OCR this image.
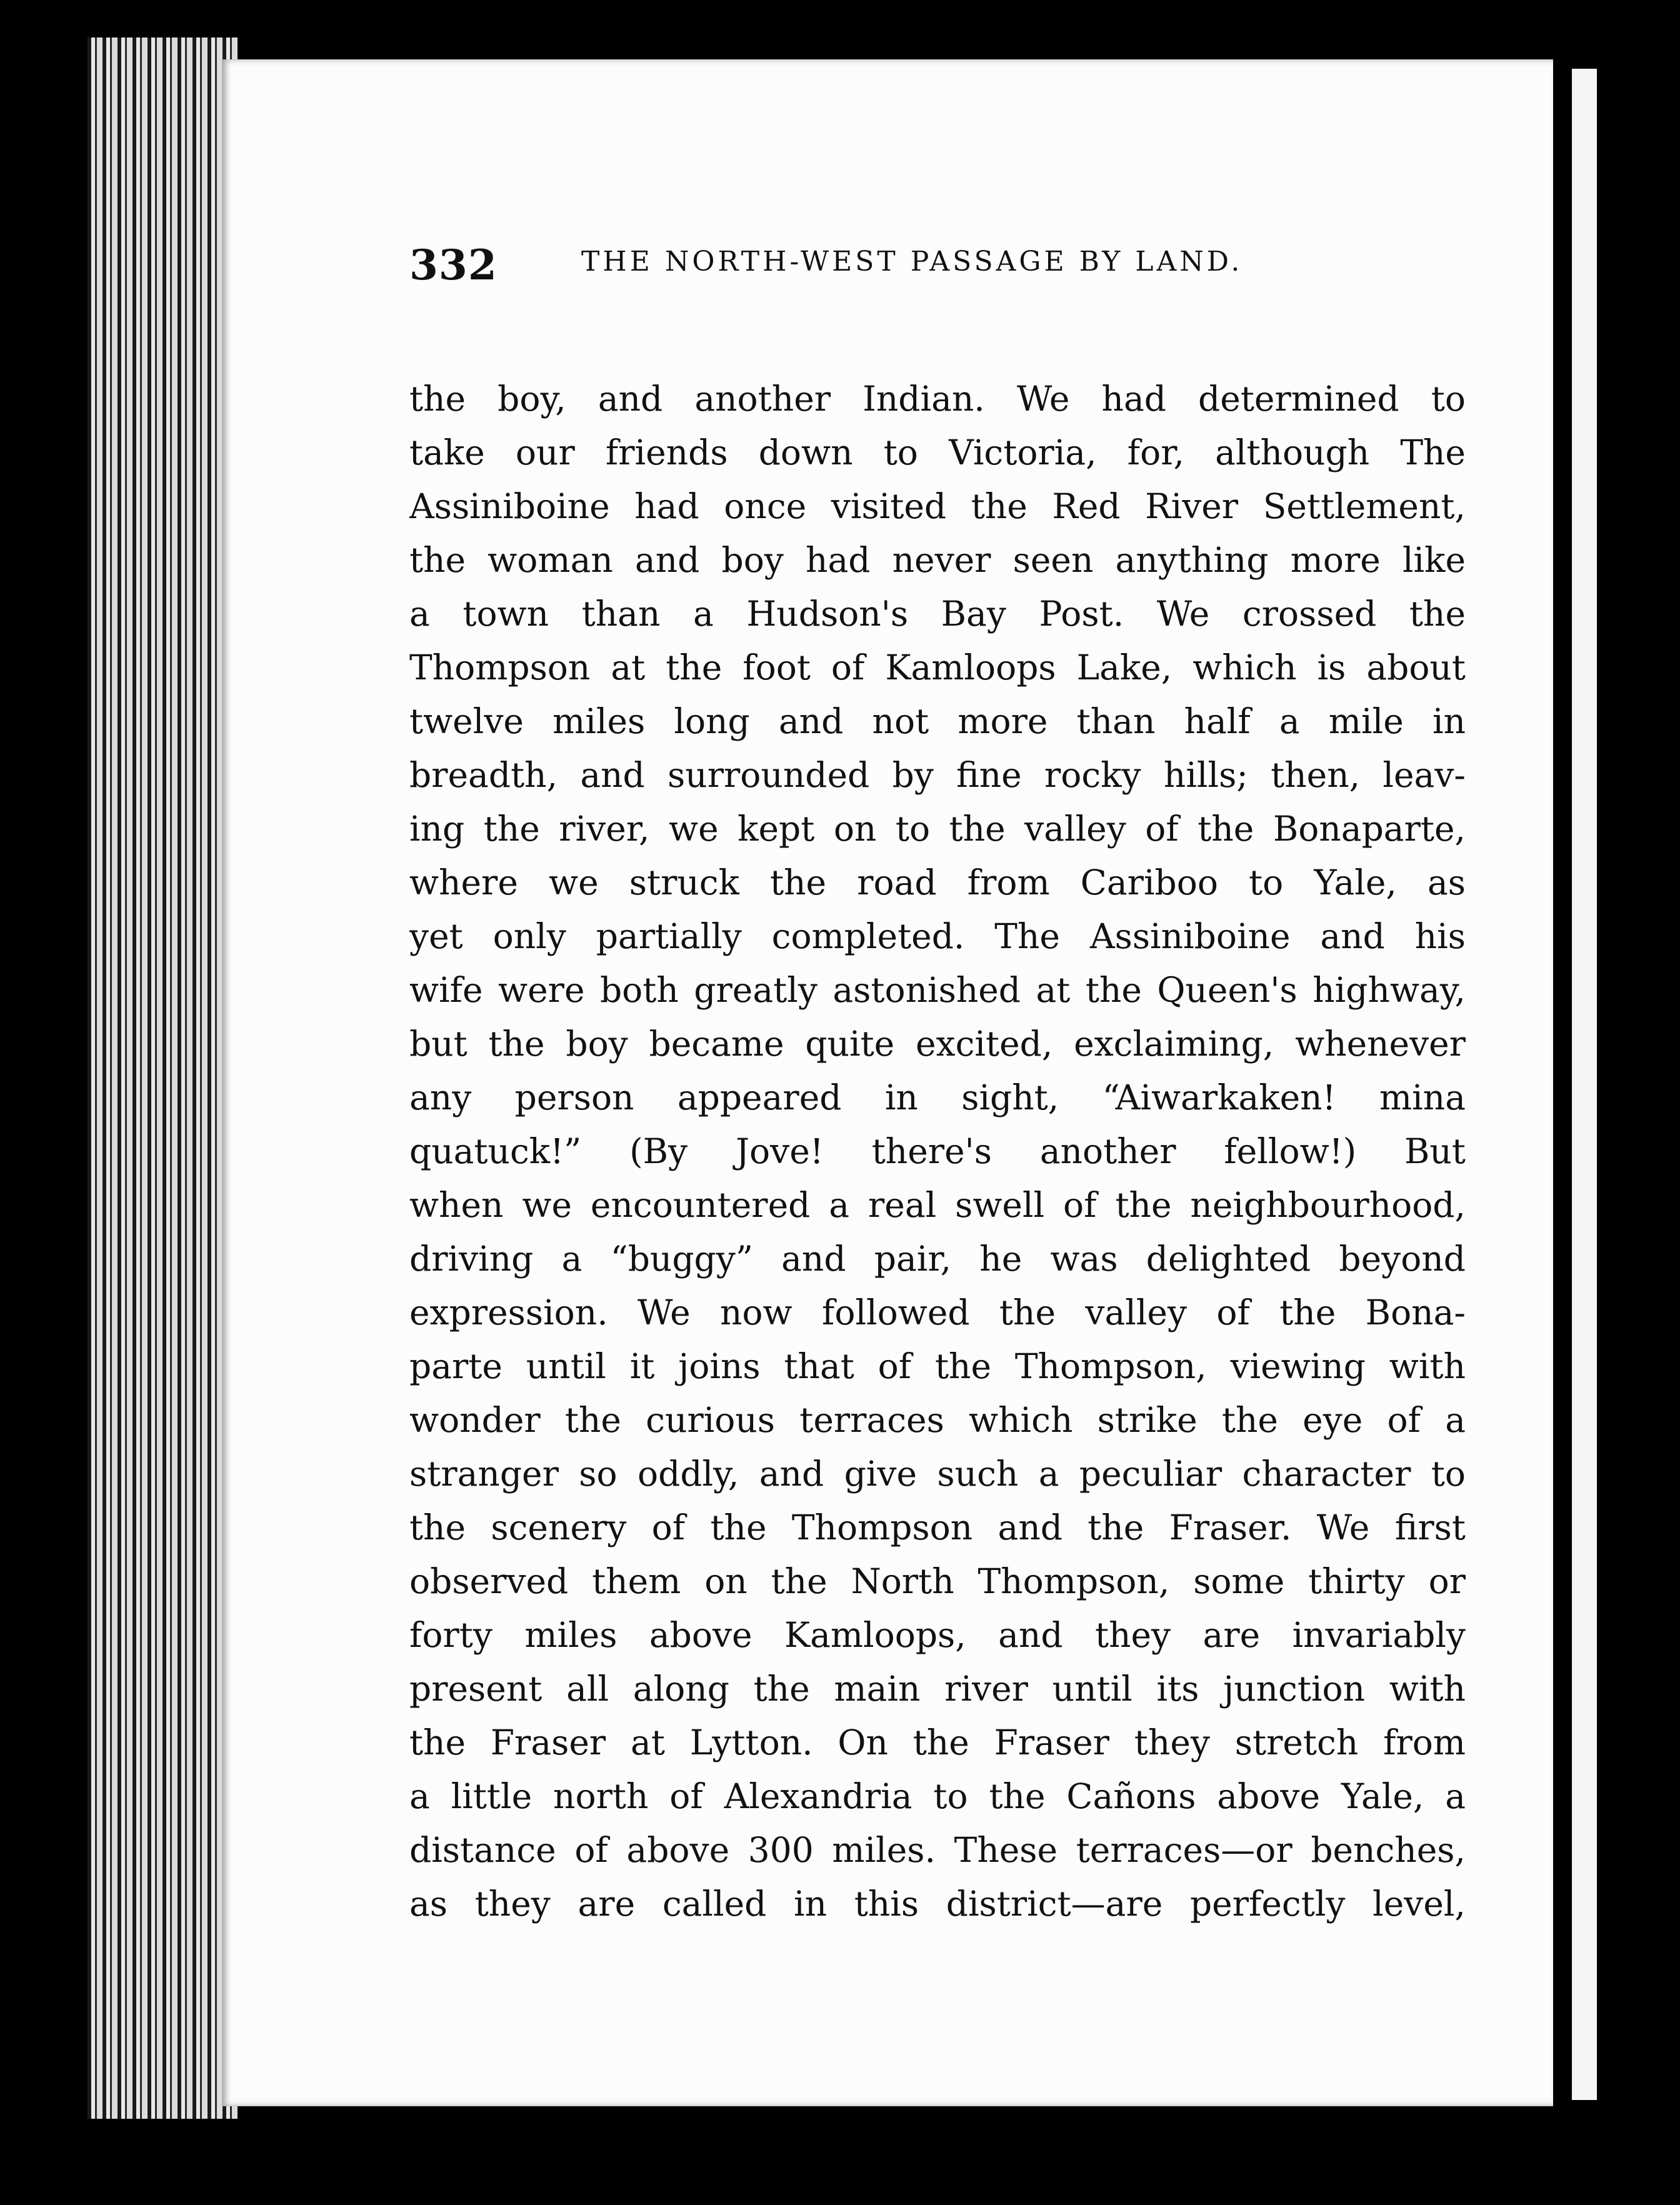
332	THE NORTH-WEST PASSAGE BY LAND.
the boy, and another Indian. We had determined to
take our friends down to Victoria, for, although The
Assiniboine had once visited the Red River Settlement,
the woman and boy had never seen anything more like
a town than a Hudson's Bay Post. We crossed the
Thompson at the foot of Kamloops Lake, which is about
twelve miles long and not more than half a mile in
breadth, and surrounded by fine rocky hills; then, leav-
ing the river, we kept on to the valley of the Bonaparte,
where we struck the road from Cariboo to Yale, as
yet only partially completed. The Assiniboine and his
wife were both greatly astonished at the Queen's highway,
but the boy became quite excited, exclaiming, whenever
any person appeared in sight, “Aiwarkaken! mina
quatuck!” (By Jove! there's another fellow!) But
when we encountered a real swell of the neighbourhood,
driving a “buggy” and pair, he was delighted beyond
expression. We now followed the valley of the Bona-
parte until it joins that of the Thompson, viewing with
wonder the curious terraces which strike the eye of a
stranger so oddly, and give such a peculiar character to
the scenery of the Thompson and the Fraser. We first
observed them on the North Thompson, some thirty or
forty miles above Kamloops, and they are invariably
present all along the main river until its junction with
the Fraser at Lytton. On the Fraser they stretch from
a little north of Alexandria to the Cañons above Yale, a
distance of above 300 miles. These terraces—or benches,
as they are called in this district—are perfectly level,
